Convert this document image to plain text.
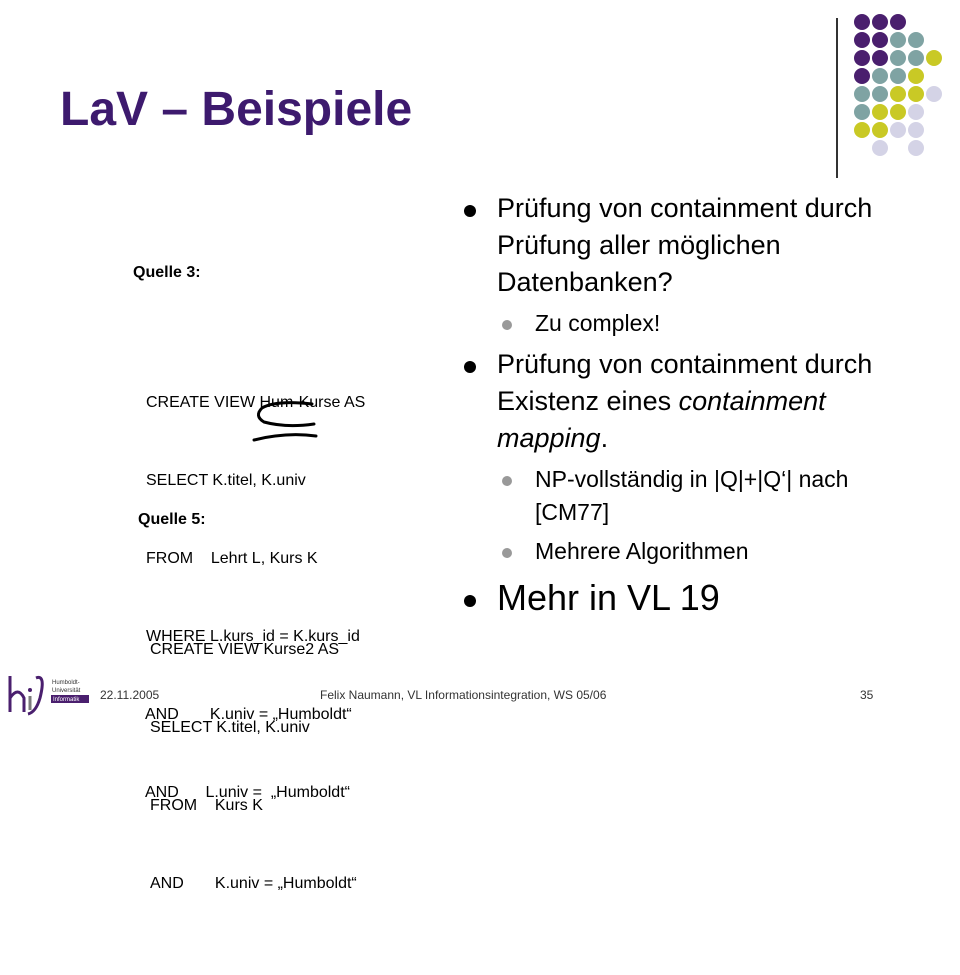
LaV – Beispiele

Quelle 3:

CREATE VIEW Hum-Kurse AS

SELECT K.titel, K.univ

FROM    Lehrt L, Kurs K

WHERE L.kurs_id = K.kurs_id

AND       K.univ = „Humboldt“

AND      L.univ =  „Humboldt“

Quelle 5:

CREATE VIEW Kurse2 AS

SELECT K.titel, K.univ

FROM    Kurs K

AND       K.univ = „Humboldt“

Prüfung von containment durch Prüfung aller möglichen Datenbanken?
Zu complex!
Prüfung von containment durch Existenz eines containment mapping.
NP-vollständig in |Q|+|Q‘| nach [CM77]
Mehrere Algorithmen
Mehr in VL 19
Humboldt-
Universität
Informatik 22.11.2005	Felix Naumann, VL Informationsintegration, WS 05/06	35
